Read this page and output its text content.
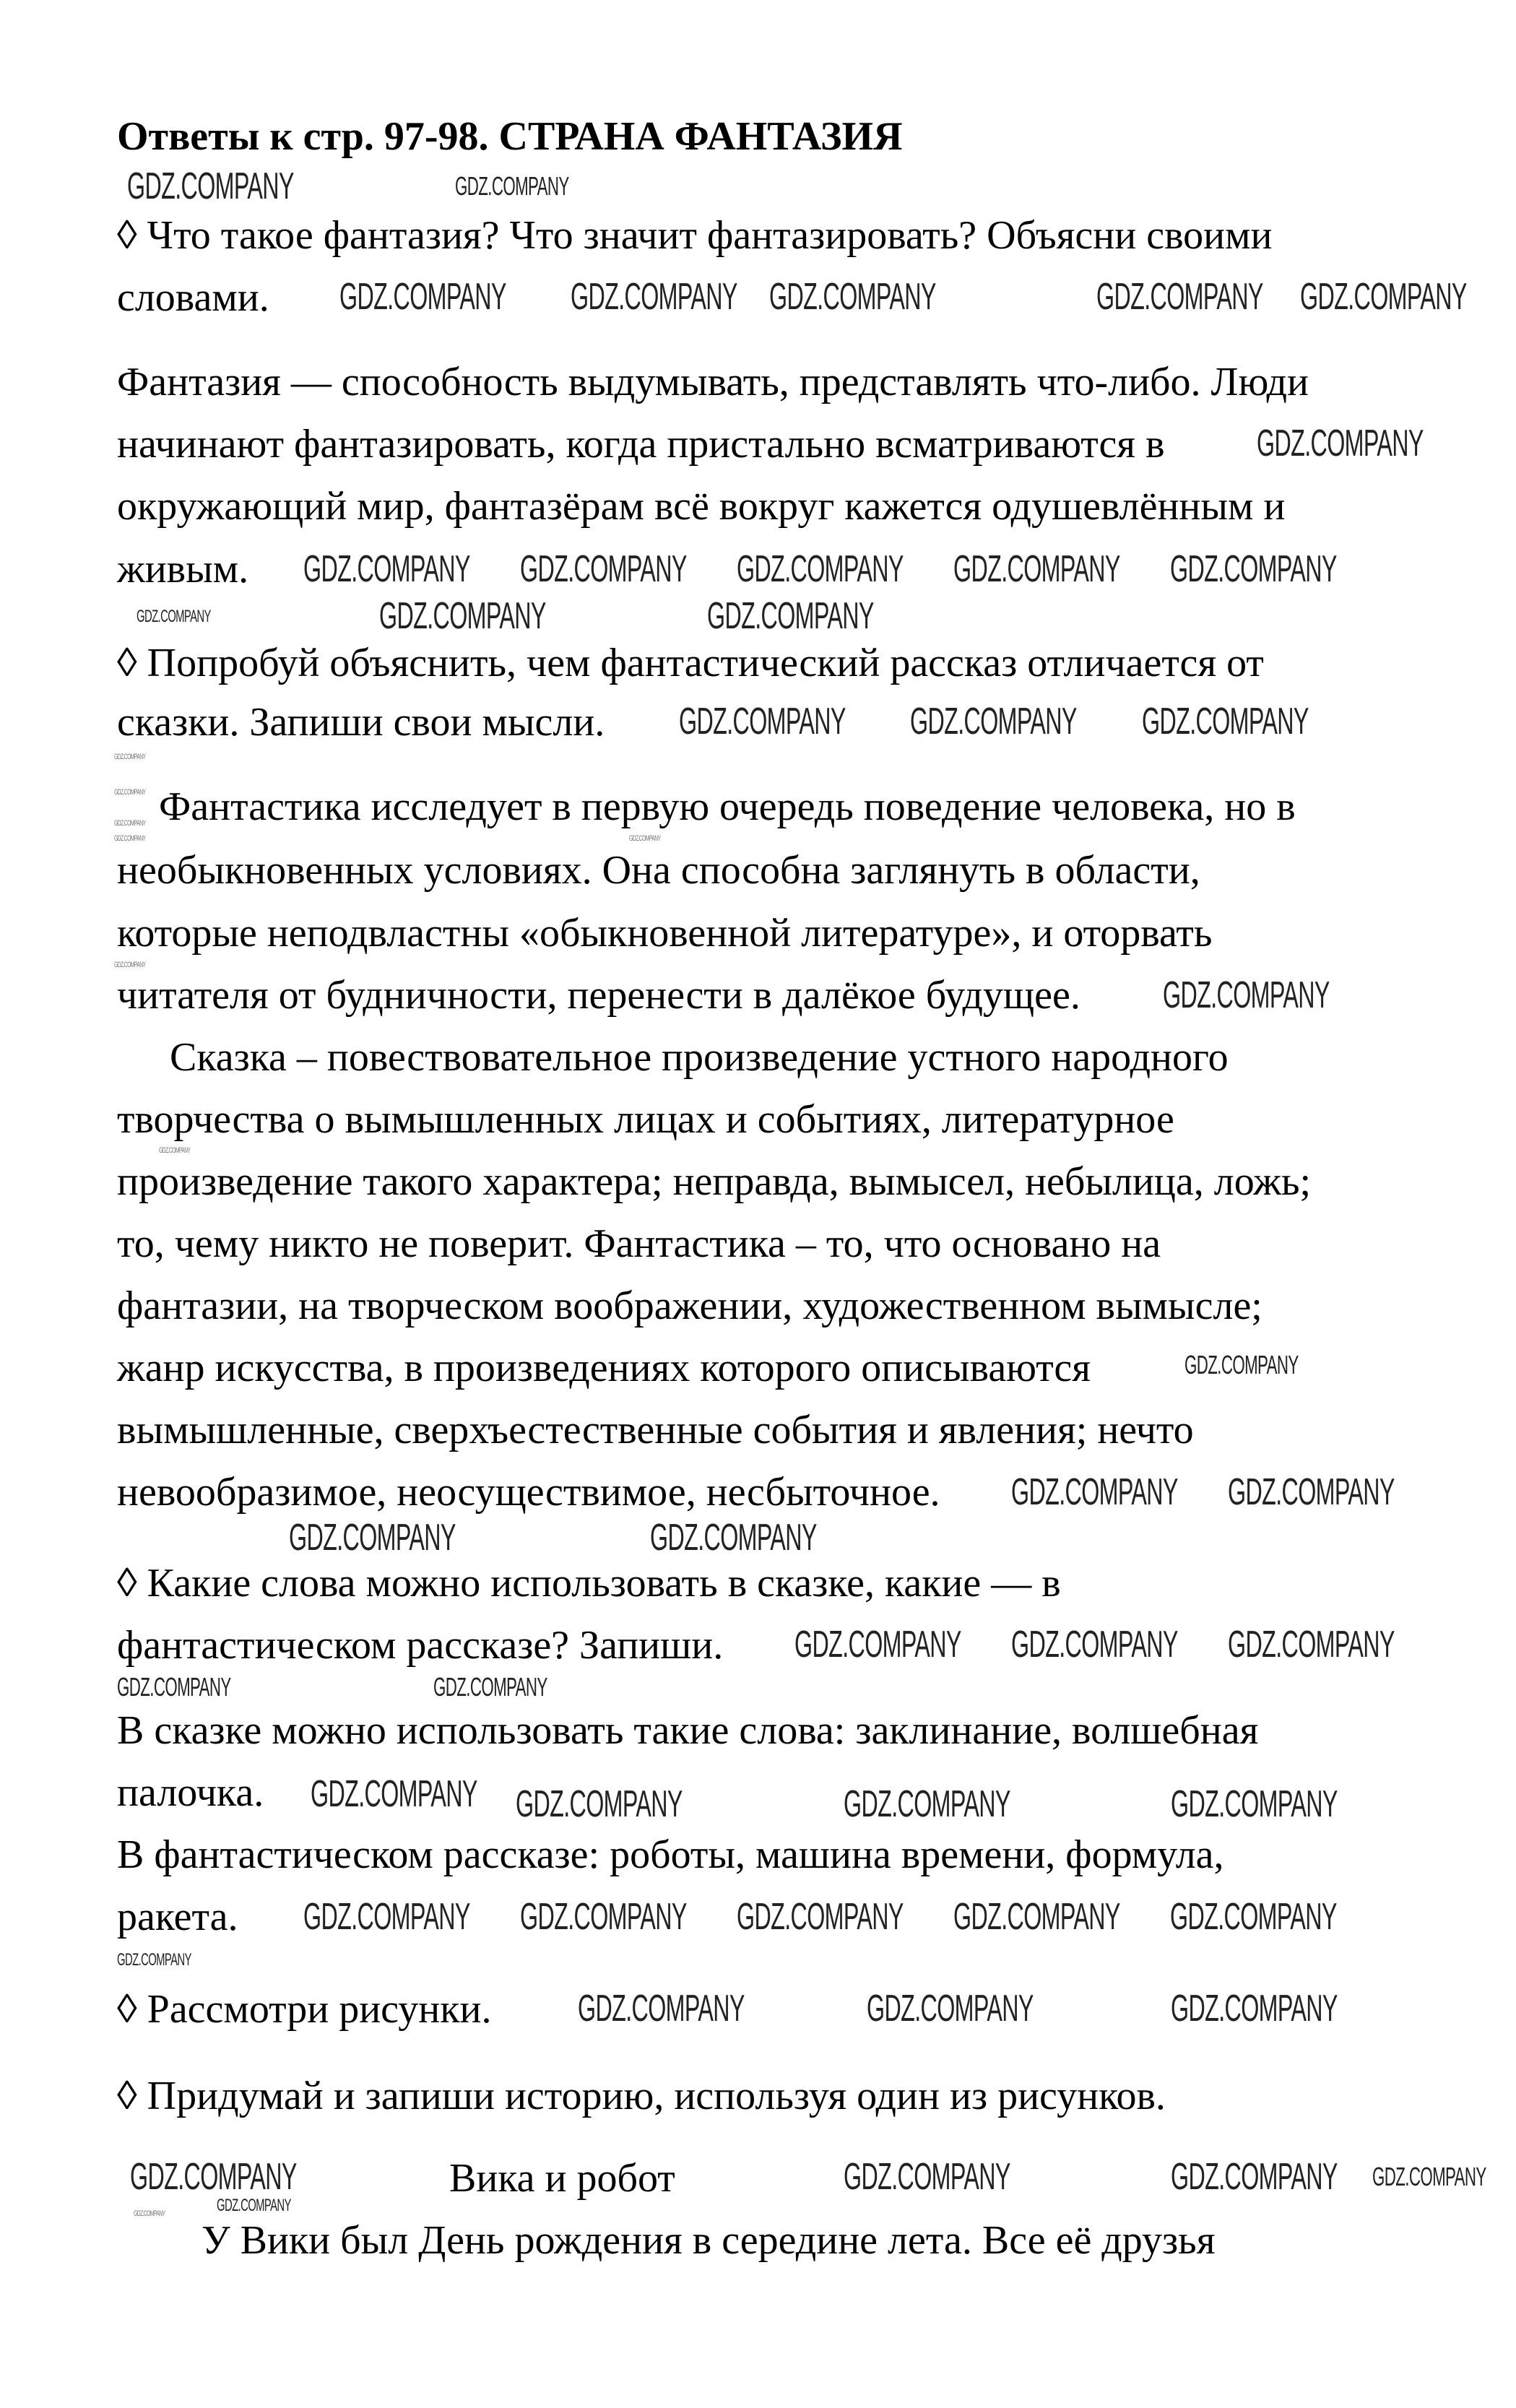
Ответы к стр. 97-98. СТРАНА ФАНТАЗИЯ
◊ Что такое фантазия? Что значит фантазировать? Объясни своими
словами.
Фантазия — способность выдумывать, представлять что-либо. Люди
начинают фантазировать, когда пристально всматриваются в
окружающий мир, фантазёрам всё вокруг кажется одушевлённым и
живым.
◊ Попробуй объяснить, чем фантастический рассказ отличается от
сказки. Запиши свои мысли.
Фантастика исследует в первую очередь поведение человека, но в
необыкновенных условиях. Она способна заглянуть в области,
которые неподвластны «обыкновенной литературе», и оторвать
читателя от будничности, перенести в далёкое будущее.
Сказка – повествовательное произведение устного народного
творчества о вымышленных лицах и событиях, литературное
произведение такого характера; неправда, вымысел, небылица, ложь;
то, чему никто не поверит. Фантастика – то, что основано на
фантазии, на творческом воображении, художественном вымысле;
жанр искусства, в произведениях которого описываются
вымышленные, сверхъестественные события и явления; нечто
невообразимое, неосуществимое, несбыточное.
◊ Какие слова можно использовать в сказке, какие — в
фантастическом рассказе? Запиши.
В сказке можно использовать такие слова: заклинание, волшебная
палочка.
В фантастическом рассказе: роботы, машина времени, формула,
ракета.
◊ Рассмотри рисунки.
◊ Придумай и запиши историю, используя один из рисунков.
Вика и робот
У Вики был День рождения в середине лета. Все её друзья
GDZ.COMPANY	GDZ.COMPANY
GDZ.COMPANY GDZ.COMPANY GDZ.COMPANY	GDZ.COMPANY GDZ.COMPANY
GDZ.COMPANY
GDZ.COMPANY GDZ.COMPANY GDZ.COMPANY GDZ.COMPANY GDZ.COMPANY
GDZ.COMPANY	GDZ.COMPANY	GDZ.COMPANY
GDZ.COMPANY GDZ.COMPANY GDZ.COMPANY
GDZ.COMPANY
GDZ.COMPANY
GDZ.COMPANY
GDZ.COMPANY
GDZ.COMPANY
GDZ.COMPANY
GDZ.COMPANY
GDZ.COMPANY
GDZ.COMPANY
GDZ.COMPANY GDZ.COMPANY
GDZ.COMPANY	GDZ.COMPANY
GDZ.COMPANY GDZ.COMPANY GDZ.COMPANY
GDZ.COMPANY	GDZ.COMPANY
GDZ.COMPANY GDZ.COMPANY	GDZ.COMPANY	GDZ.COMPANY
GDZ.COMPANY GDZ.COMPANY GDZ.COMPANY GDZ.COMPANY GDZ.COMPANY
GDZ.COMPANY
GDZ.COMPANY	GDZ.COMPANY	GDZ.COMPANY
GDZ.COMPANY	GDZ.COMPANY	GDZ.COMPANY GDZ.COMPANY
GDZ.COMPANY
GDZ.COMPANY
